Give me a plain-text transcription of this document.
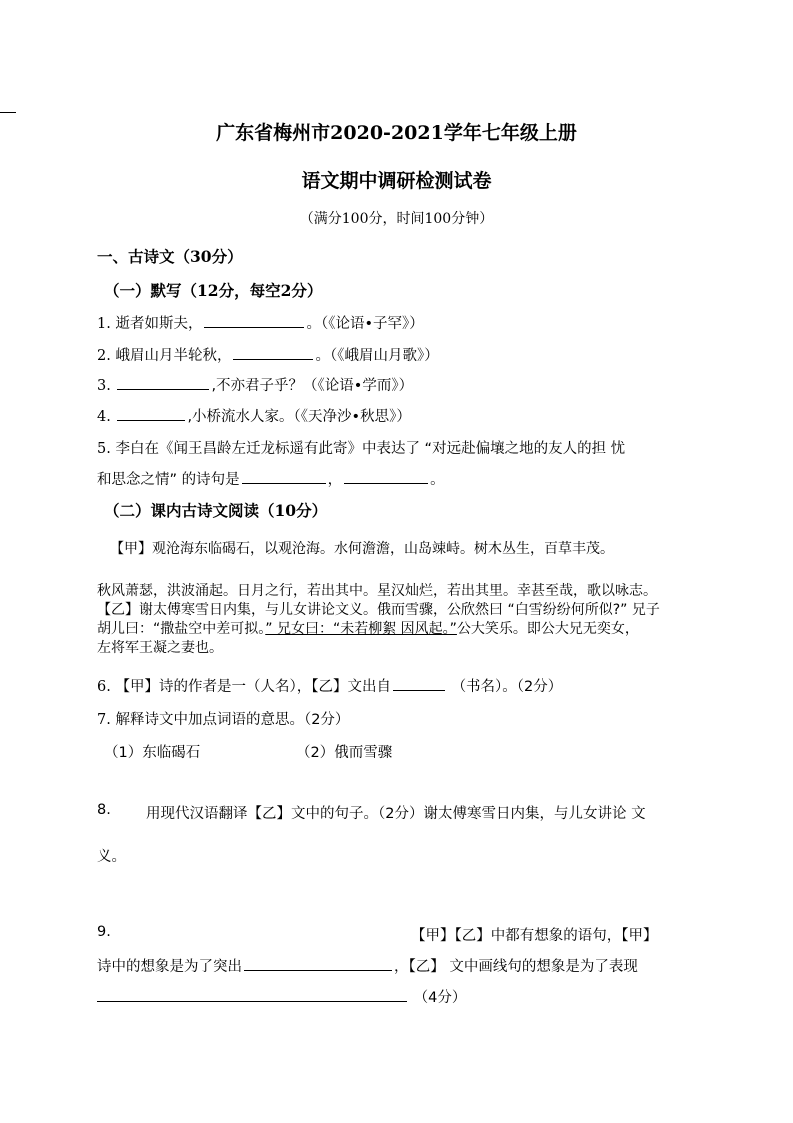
广东省梅州市2020-2021学年七年级上册
语文期中调研检测试卷
（满分100分，时间100分钟）
一、古诗文（30分）
（一）默写（12分，每空2分）
1. 逝者如斯夫，	。（《论语•子罕》）
2. 峨眉山月半轮秋，	。（《峨眉山月歌》）
3.	,不亦君子乎？（《论语•学而》）
4.	,小桥流水人家。（《天净沙•秋思》）
5. 李白在《闻王昌龄左迁龙标遥有此寄》中表达了 “对远赴偏壤之地的友人的担 忧
和思念之情” 的诗句是	，	。
（二）课内古诗文阅读（10分）
【甲】观沧海东临碣石，以观沧海。水何澹澹，山岛竦峙。树木丛生，百草丰茂。
秋风萧瑟，洪波涌起。日月之行，若出其中。星汉灿烂，若出其里。幸甚至哉，歌以咏志。
【乙】谢太傅寒雪日内集，与儿女讲论文义。俄而雪骤，公欣然曰 “白雪纷纷何所似?” 兄子
胡儿曰：“撒盐空中差可拟。” 兄女曰：“未若柳絮 因风起。”公大笑乐。即公大兄无奕女，
左将军王凝之妻也。
6. 【甲】诗的作者是一（人名），【乙】文出自	（书名）。（2分）
7. 解释诗文中加点词语的意思。（2分）
（1）东临碣石	（2）俄而雪骤
8. 用现代汉语翻译【乙】文中的句子。（2分）谢太傅寒雪日内集，与儿女讲论 文
义。
9.	【甲】【乙】中都有想象的语句，【甲】
诗中的想象是为了突出	，【乙】 文中画线句的想象是为了表现
（4分）
